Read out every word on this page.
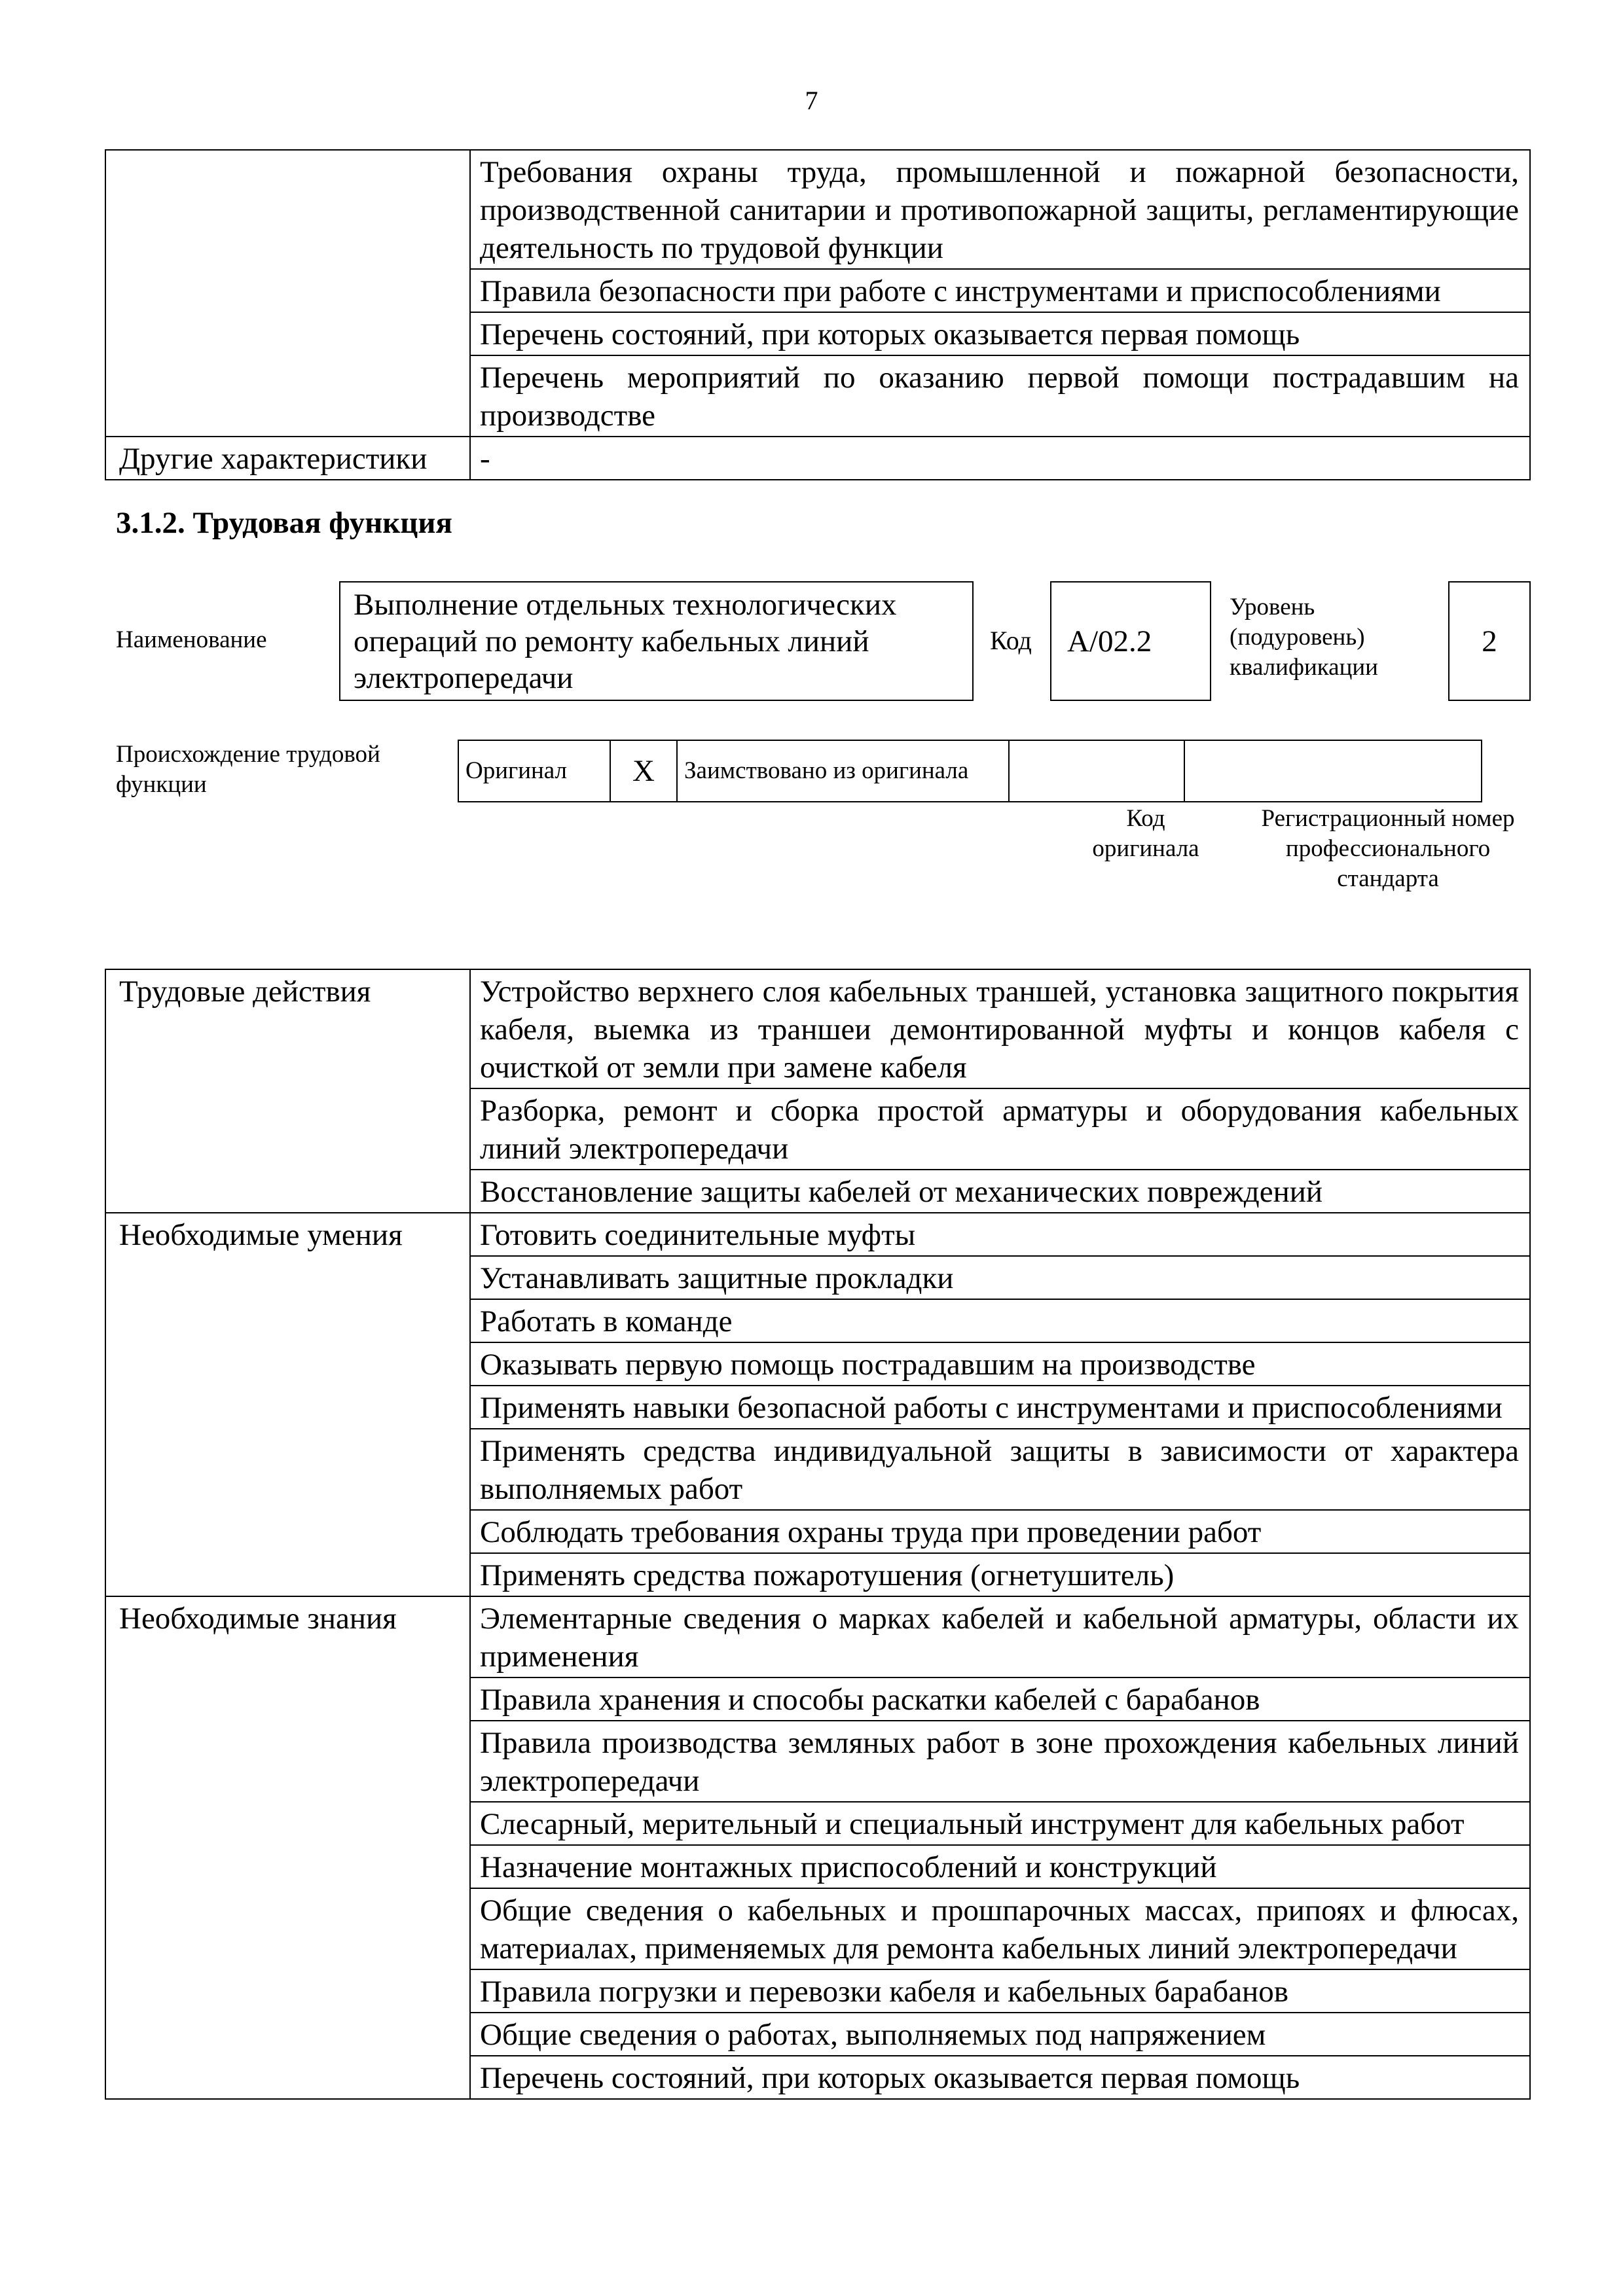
7
	Требования охраны труда, промышленной и пожарной безопасности, производственной санитарии и противопожарной защиты, регламентирующие деятельность по трудовой функции
	Правила безопасности при работе с инструментами и приспособлениями
	Перечень состояний, при которых оказывается первая помощь
	Перечень мероприятий по оказанию первой помощи пострадавшим на производстве
Другие характеристики	-
3.1.2. Трудовая функция
Наименование
Выполнение отдельных технологических операций по ремонту кабельных линий электропередачи
Код	А/02.2
Уровень (подуровень) квалификации
2
Происхождение трудовой функции
Оригинал	X	Заимствовано из оригинала		
Код оригинала
Регистрационный номер профессионального стандарта
Трудовые действия	Устройство верхнего слоя кабельных траншей, установка защитного покрытия кабеля, выемка из траншеи демонтированной муфты и концов кабеля с очисткой от земли при замене кабеля
	Разборка, ремонт и сборка простой арматуры и оборудования кабельных линий электропередачи
	Восстановление защиты кабелей от механических повреждений
Необходимые умения	Готовить соединительные муфты
	Устанавливать защитные прокладки
	Работать в команде
	Оказывать первую помощь пострадавшим на производстве
	Применять навыки безопасной работы с инструментами и приспособлениями
	Применять средства индивидуальной защиты в зависимости от характера выполняемых работ
	Соблюдать требования охраны труда при проведении работ
	Применять средства пожаротушения (огнетушитель)
Необходимые знания	Элементарные сведения о марках кабелей и кабельной арматуры, области их применения
	Правила хранения и способы раскатки кабелей с барабанов
	Правила производства земляных работ в зоне прохождения кабельных линий электропередачи
	Слесарный, мерительный и специальный инструмент для кабельных работ
	Назначение монтажных приспособлений и конструкций
	Общие сведения о кабельных и прошпарочных массах, припоях и флюсах, материалах, применяемых для ремонта кабельных линий электропередачи
	Правила погрузки и перевозки кабеля и кабельных барабанов
	Общие сведения о работах, выполняемых под напряжением
	Перечень состояний, при которых оказывается первая помощь
